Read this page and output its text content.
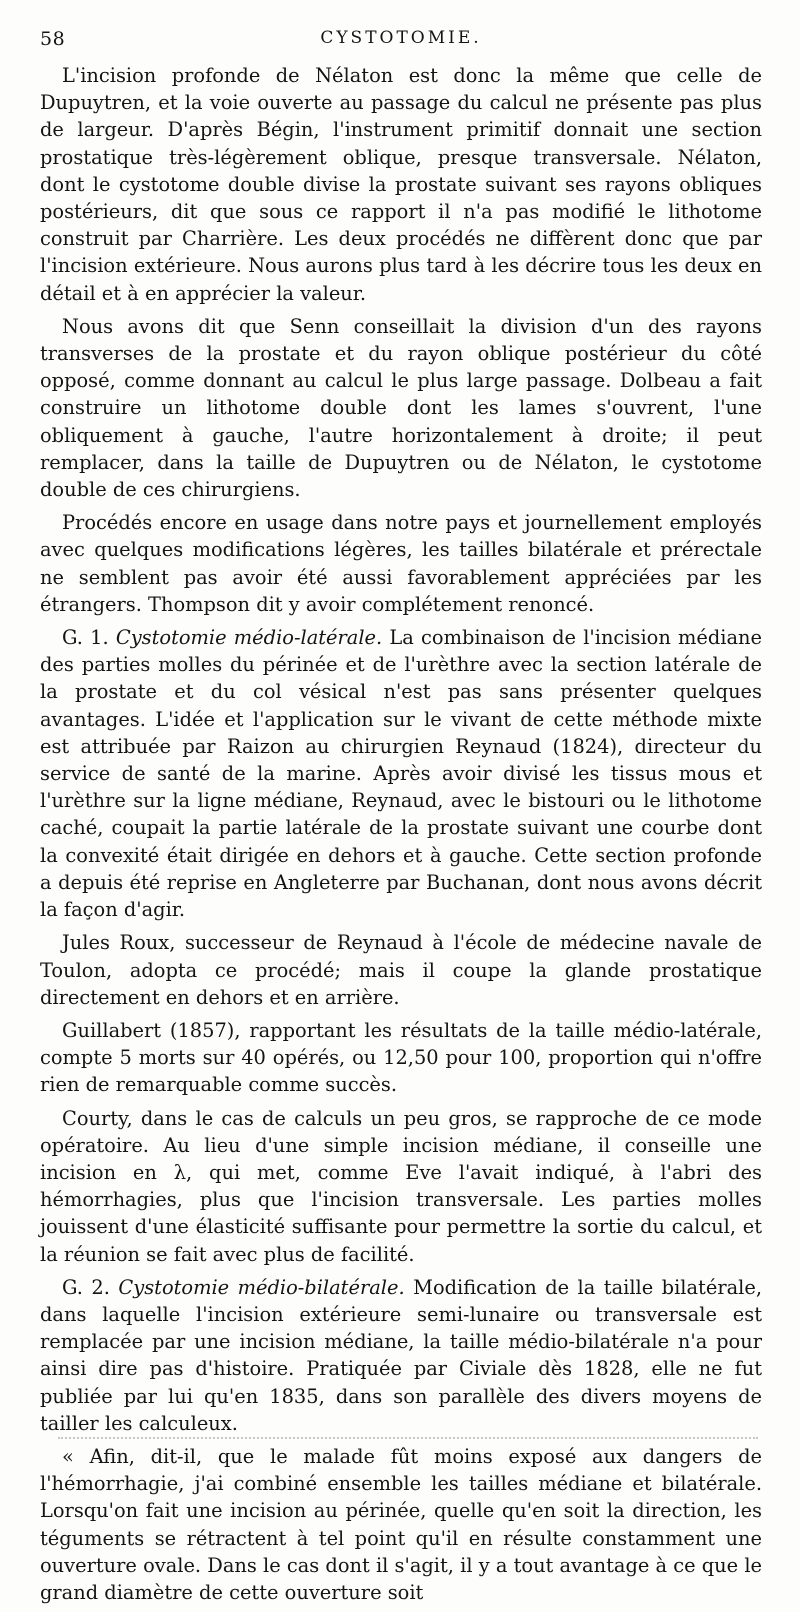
58	CYSTOTOMIE.

L'incision profonde de Nélaton est donc la même que celle de Dupuytren, et la voie ouverte au passage du calcul ne présente pas plus de largeur. D'après Bégin, l'instrument primitif donnait une section prostatique très-légèrement oblique, presque transversale. Nélaton, dont le cystotome double divise la prostate suivant ses rayons obliques postérieurs, dit que sous ce rapport il n'a pas modifié le lithotome construit par Charrière. Les deux procédés ne diffèrent donc que par l'incision extérieure. Nous aurons plus tard à les décrire tous les deux en détail et à en apprécier la valeur.

Nous avons dit que Senn conseillait la division d'un des rayons transverses de la prostate et du rayon oblique postérieur du côté opposé, comme donnant au calcul le plus large passage. Dolbeau a fait construire un lithotome double dont les lames s'ouvrent, l'une obliquement à gauche, l'autre horizontalement à droite; il peut remplacer, dans la taille de Dupuytren ou de Nélaton, le cystotome double de ces chirurgiens.

Procédés encore en usage dans notre pays et journellement employés avec quelques modifications légères, les tailles bilatérale et prérectale ne semblent pas avoir été aussi favorablement appréciées par les étrangers. Thompson dit y avoir complétement renoncé.

G. 1. Cystotomie médio-latérale. La combinaison de l'incision médiane des parties molles du périnée et de l'urèthre avec la section latérale de la prostate et du col vésical n'est pas sans présenter quelques avantages. L'idée et l'application sur le vivant de cette méthode mixte est attribuée par Raizon au chirurgien Reynaud (1824), directeur du service de santé de la marine. Après avoir divisé les tissus mous et l'urèthre sur la ligne médiane, Reynaud, avec le bistouri ou le lithotome caché, coupait la partie latérale de la prostate suivant une courbe dont la convexité était dirigée en dehors et à gauche. Cette section profonde a depuis été reprise en Angleterre par Buchanan, dont nous avons décrit la façon d'agir.

Jules Roux, successeur de Reynaud à l'école de médecine navale de Toulon, adopta ce procédé; mais il coupe la glande prostatique directement en dehors et en arrière.

Guillabert (1857), rapportant les résultats de la taille médio-latérale, compte 5 morts sur 40 opérés, ou 12,50 pour 100, proportion qui n'offre rien de remarquable comme succès.

Courty, dans le cas de calculs un peu gros, se rapproche de ce mode opératoire. Au lieu d'une simple incision médiane, il conseille une incision en λ, qui met, comme Eve l'avait indiqué, à l'abri des hémorrhagies, plus que l'incision transversale. Les parties molles jouissent d'une élasticité suffisante pour permettre la sortie du calcul, et la réunion se fait avec plus de facilité.

G. 2. Cystotomie médio-bilatérale. Modification de la taille bilatérale, dans laquelle l'incision extérieure semi-lunaire ou transversale est remplacée par une incision médiane, la taille médio-bilatérale n'a pour ainsi dire pas d'histoire. Pratiquée par Civiale dès 1828, elle ne fut publiée par lui qu'en 1835, dans son parallèle des divers moyens de tailler les calculeux.

« Afin, dit-il, que le malade fût moins exposé aux dangers de l'hémorrhagie, j'ai combiné ensemble les tailles médiane et bilatérale. Lorsqu'on fait une incision au périnée, quelle qu'en soit la direction, les téguments se rétractent à tel point qu'il en résulte constamment une ouverture ovale. Dans le cas dont il s'agit, il y a tout avantage à ce que le grand diamètre de cette ouverture soit
